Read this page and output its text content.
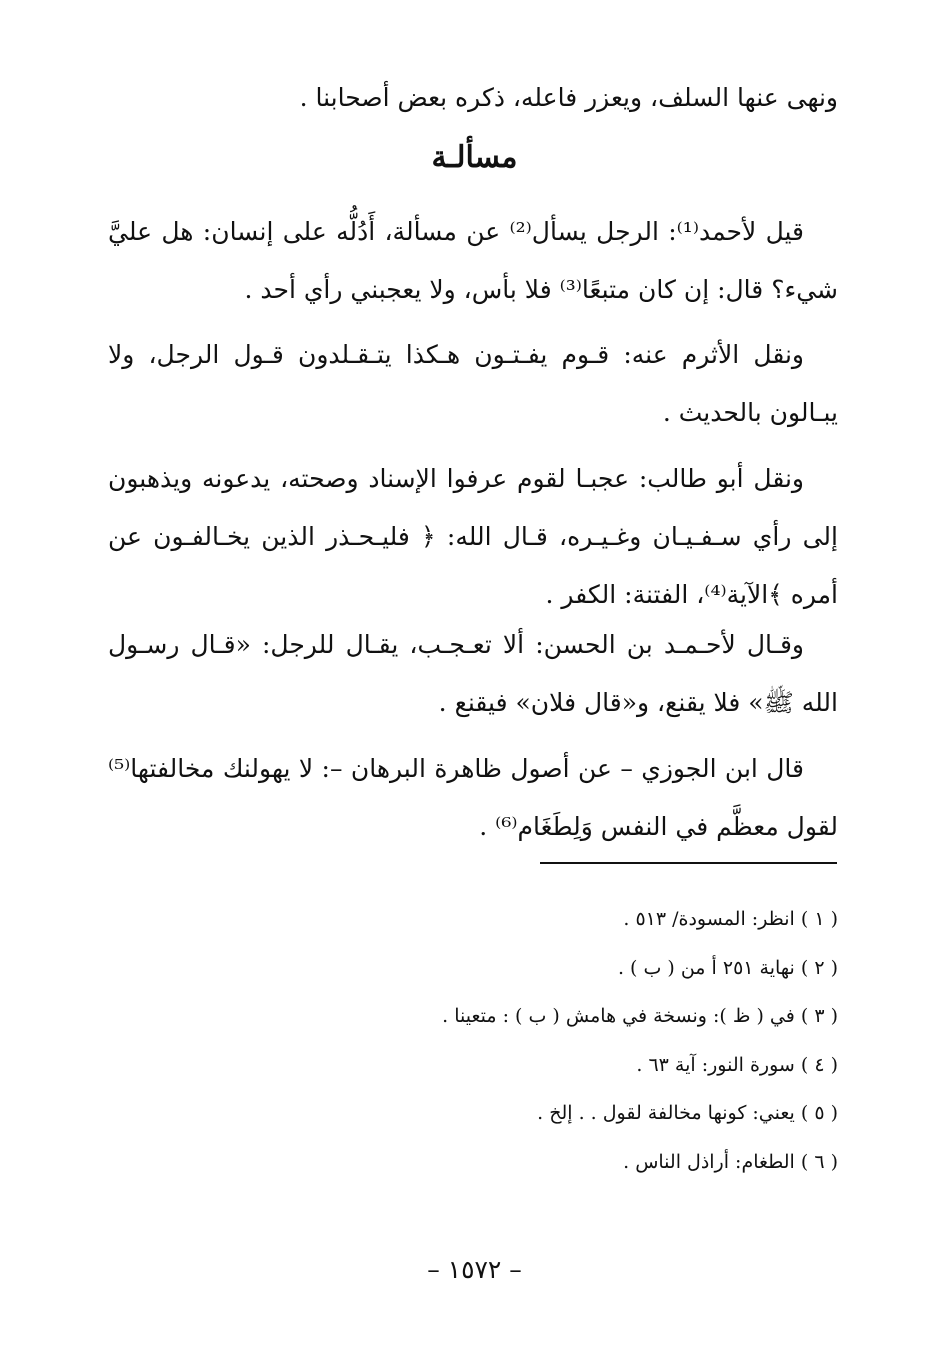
ونهى عنها السلف، ويعزر فاعله، ذكره بعض أصحابنا .

مسألـة

قيل لأحمد⁽¹⁾: الرجل يسأل⁽²⁾ عن مسألة، أَدُلُّه على إنسان: هل عليَّ شيء؟ قال: إن كان متبعًا⁽³⁾ فلا بأس، ولا يعجبني رأي أحد .

ونقل الأثرم عنه: قـوم يفـتـون هـكذا يتـقـلدون قـول الرجل، ولا يبـالون بالحديث .

ونقل أبو طالب: عجبـا لقوم عرفوا الإسناد وصحته، يدعونه ويذهبون إلى رأي سـفـيـان وغـيـره، قـال الله: ﴿ فليـحـذر الذين يخـالفـون عن أمره ﴾الآية⁽⁴⁾، الفتنة: الكفر .

وقـال لأحـمـد بن الحسن: ألا تعـجـب، يقـال للرجل: «قـال رسـول الله ﷺ» فلا يقنع، و«قال فلان» فيقنع .

قال ابن الجوزي – عن أصول ظاهرة البرهان –: لا يهولنك مخالفتها⁽⁵⁾ لقول معظَّم في النفس وَلِطَغَام⁽⁶⁾ .

( ١ ) انظر: المسودة/ ٥١٣ .
( ٢ ) نهاية ٢٥١ أ من ( ب ) .
( ٣ ) في ( ظ ): ونسخة في هامش ( ب ) : متعينا .
( ٤ ) سورة النور: آية ٦٣ .
( ٥ ) يعني: كونها مخالفة لقول . . إلخ .
( ٦ ) الطغام: أراذل الناس .
– ١٥٧٢ –
